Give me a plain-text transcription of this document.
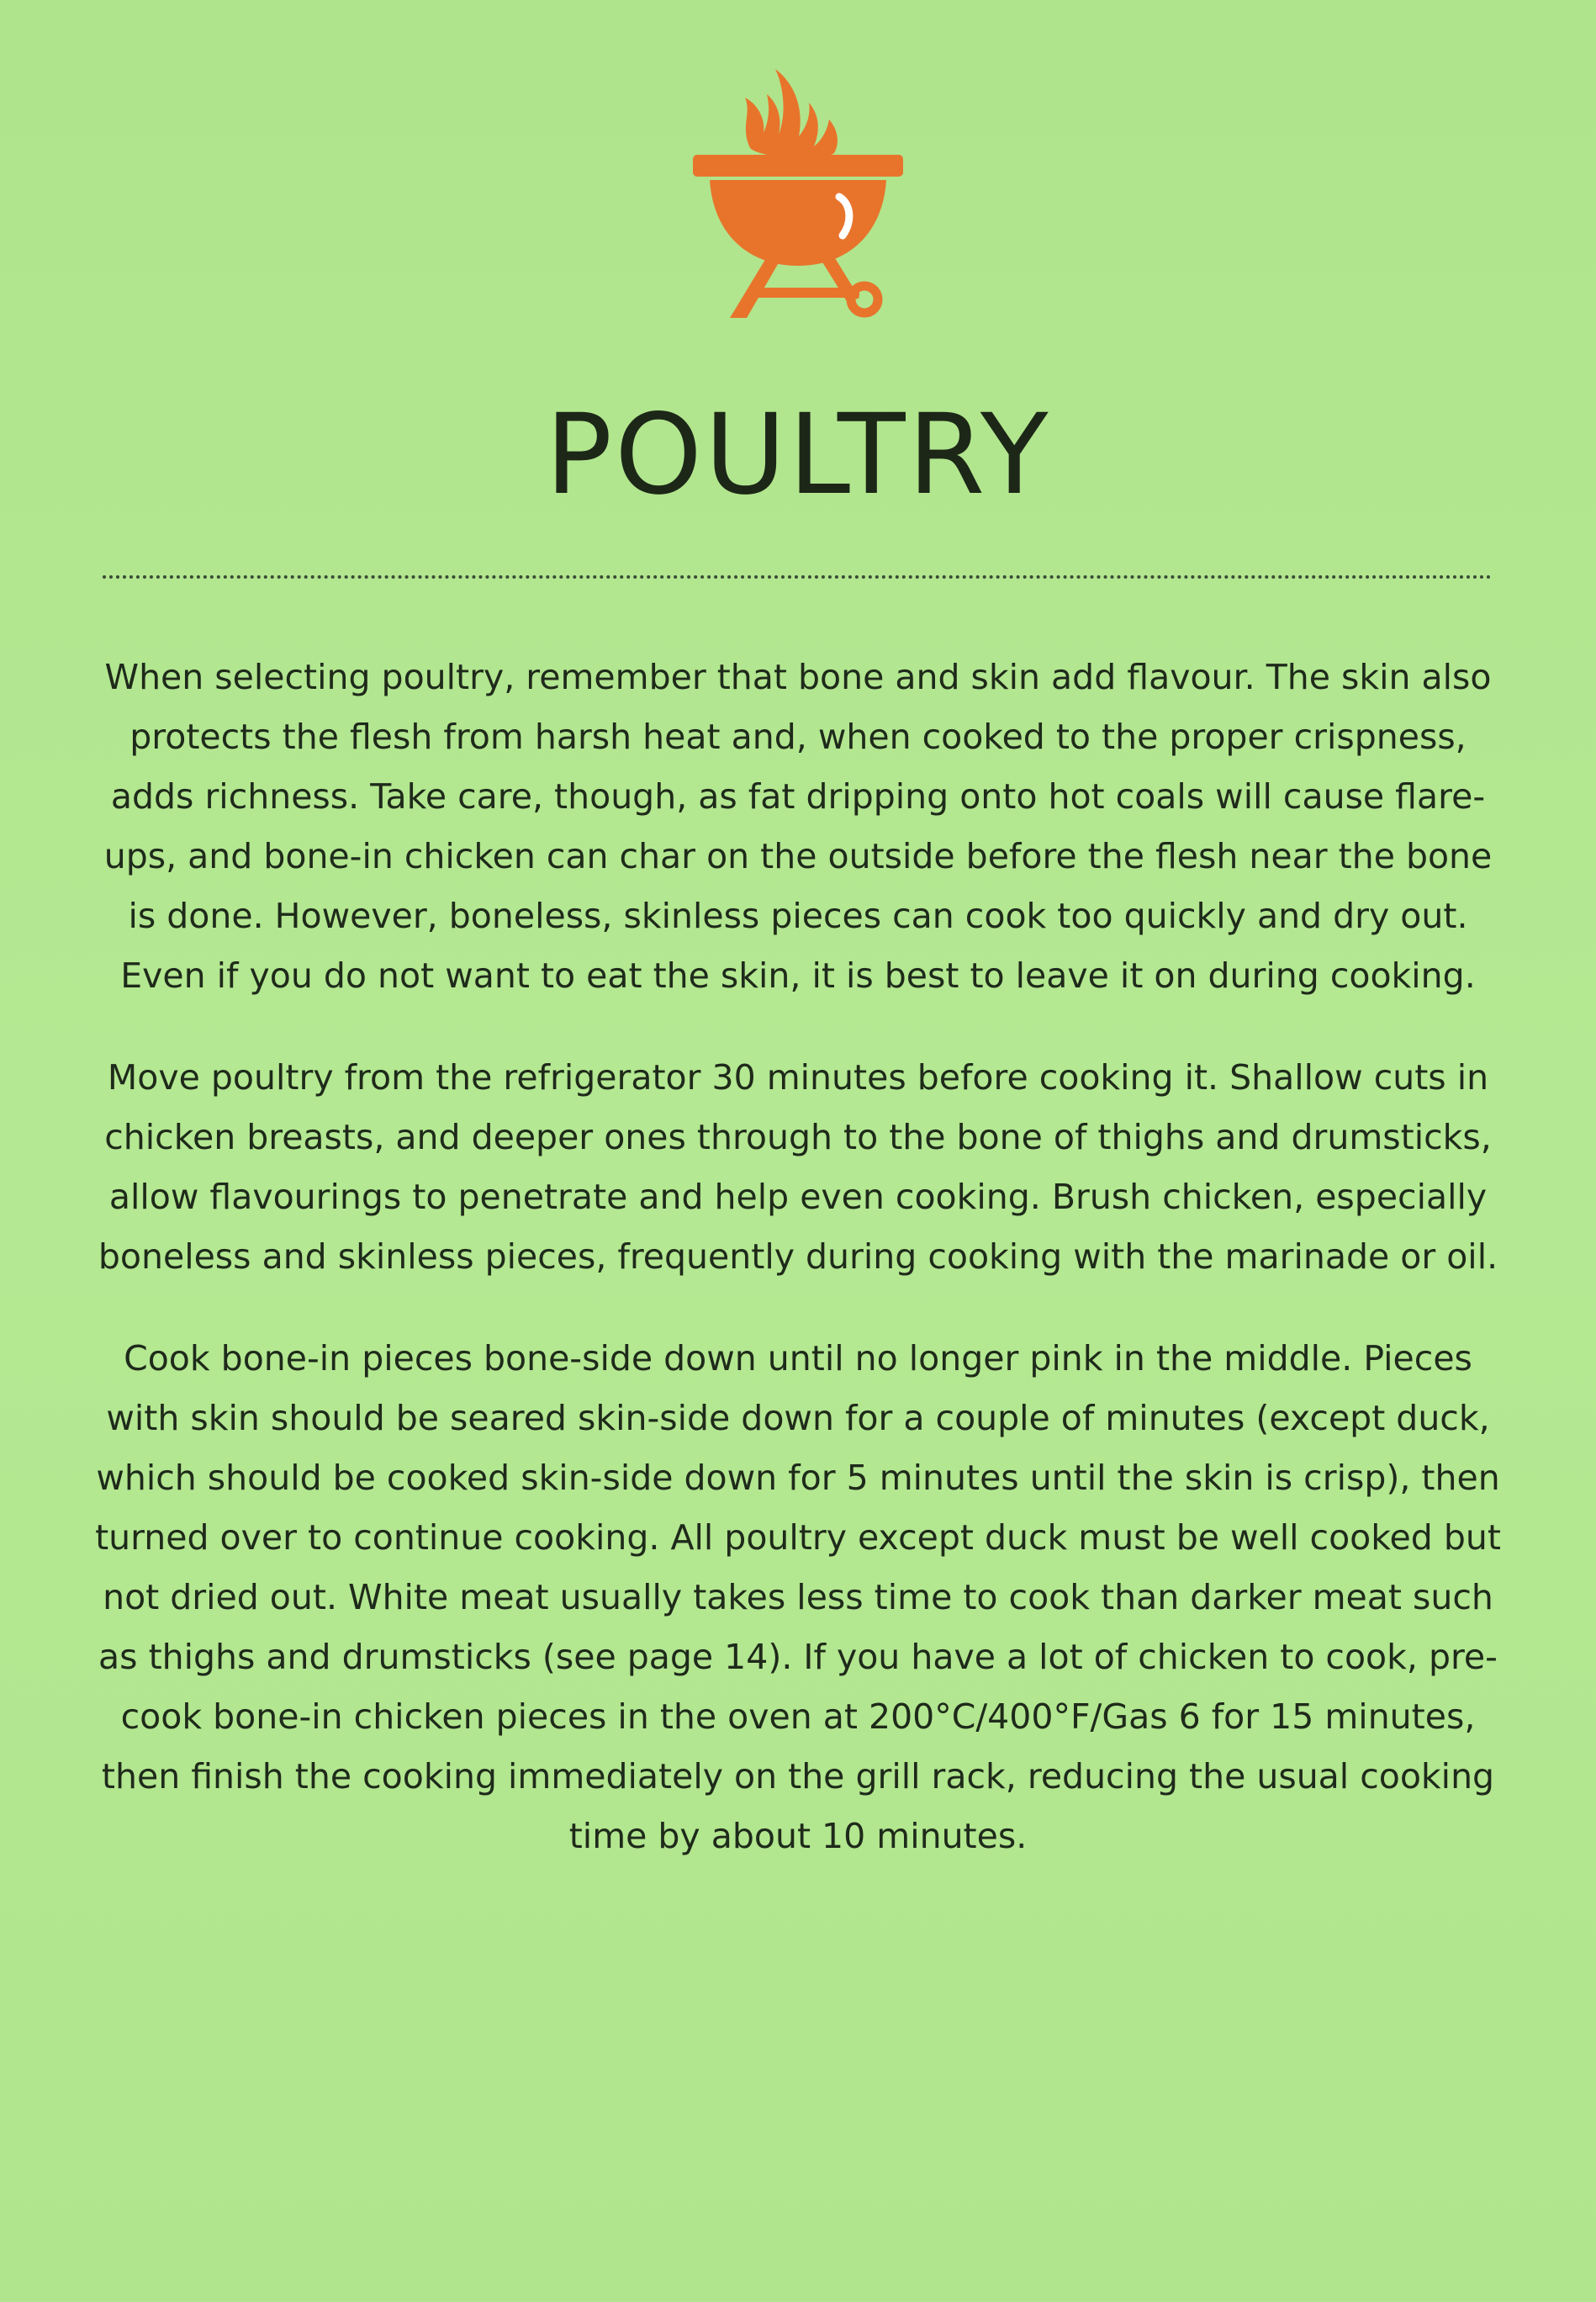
POULTRY

When selecting poultry, remember that bone and skin add flavour. The skin also protects the flesh from harsh heat and, when cooked to the proper crispness, adds richness. Take care, though, as fat dripping onto hot coals will cause flare-ups, and bone-in chicken can char on the outside before the flesh near the bone is done. However, boneless, skinless pieces can cook too quickly and dry out. Even if you do not want to eat the skin, it is best to leave it on during cooking.

Move poultry from the refrigerator 30 minutes before cooking it. Shallow cuts in chicken breasts, and deeper ones through to the bone of thighs and drumsticks, allow flavourings to penetrate and help even cooking. Brush chicken, especially boneless and skinless pieces, frequently during cooking with the marinade or oil.

Cook bone-in pieces bone-side down until no longer pink in the middle. Pieces with skin should be seared skin-side down for a couple of minutes (except duck, which should be cooked skin-side down for 5 minutes until the skin is crisp), then turned over to continue cooking. All poultry except duck must be well cooked but not dried out. White meat usually takes less time to cook than darker meat such as thighs and drumsticks (see page 14). If you have a lot of chicken to cook, pre-cook bone-in chicken pieces in the oven at 200°C/400°F/Gas 6 for 15 minutes, then finish the cooking immediately on the grill rack, reducing the usual cooking time by about 10 minutes.
